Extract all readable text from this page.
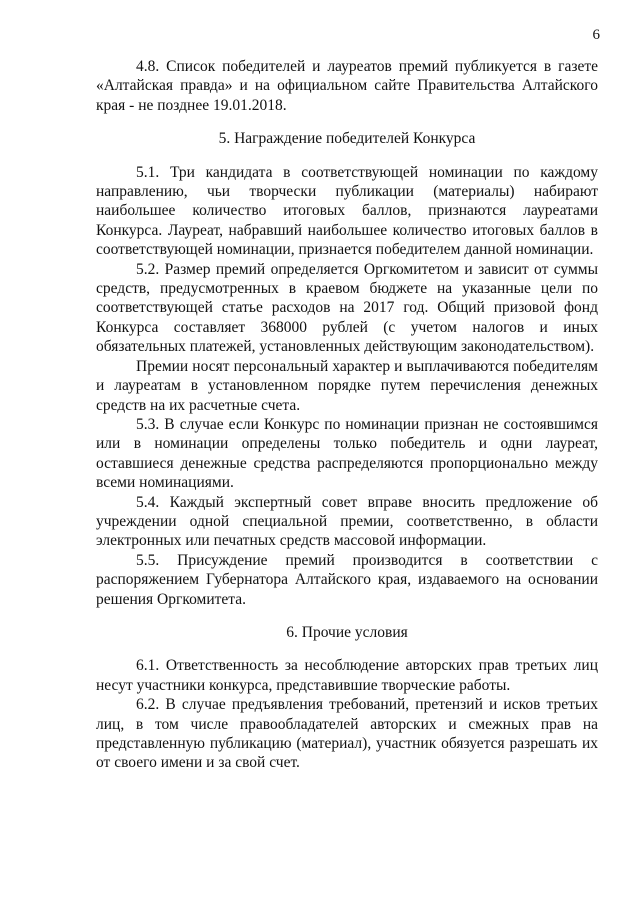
6

4.8. Список победителей и лауреатов премий публикуется в газете «Алтайская правда» и на официальном сайте Правительства Алтайского края - не позднее 19.01.2018.

5. Награждение победителей Конкурса

5.1. Три кандидата в соответствующей номинации по каждому направлению, чьи творчески публикации (материалы) набирают наибольшее количество итоговых баллов, признаются лауреатами Конкурса. Лауреат, набравший наибольшее количество итоговых баллов в соответствующей номинации, признается победителем данной номинации.

5.2. Размер премий определяется Оргкомитетом и зависит от суммы средств, предусмотренных в краевом бюджете на указанные цели по соответствующей статье расходов на 2017 год. Общий призовой фонд Конкурса составляет 368000 рублей (с учетом налогов и иных обязательных платежей, установленных действующим законодательством).

Премии носят персональный характер и выплачиваются победителям и лауреатам в установленном порядке путем перечисления денежных средств на их расчетные счета.

5.3. В случае если Конкурс по номинации признан не состоявшимся или в номинации определены только победитель и одни лауреат, оставшиеся денежные средства распределяются пропорционально между всеми номинациями.

5.4. Каждый экспертный совет вправе вносить предложение об учреждении одной специальной премии, соответственно, в области электронных или печатных средств массовой информации.

5.5. Присуждение премий производится в соответствии с распоряжением Губернатора Алтайского края, издаваемого на основании решения Оргкомитета.

6. Прочие условия

6.1. Ответственность за несоблюдение авторских прав третьих лиц несут участники конкурса, представившие творческие работы.

6.2. В случае предъявления требований, претензий и исков третьих лиц, в том числе правообладателей авторских и смежных прав на представленную публикацию (материал), участник обязуется разрешать их от своего имени и за свой счет.
